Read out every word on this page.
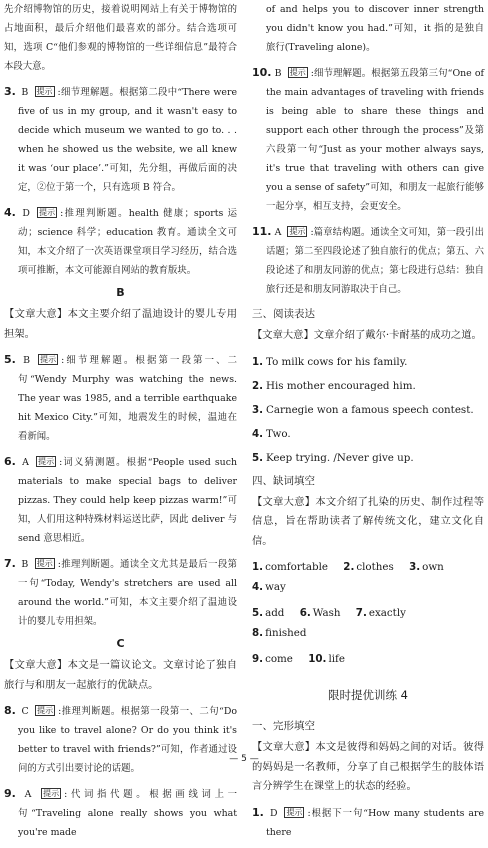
先介绍博物馆的历史，接着说明网站上有关于博物馆的占地面积，最后介绍他们最喜欢的部分。结合选项可知，选项 C“他们参观的博物馆的一些详细信息”最符合本段大意。

3. B 提示 :细节理解题。根据第二段中“There were five of us in my group, and it wasn't easy to decide which museum we wanted to go to. . . when he showed us the website, we all knew it was ‘our place’.”可知，先分组，再做后面的决定，②位于第一个，只有选项 B 符合。

4. D 提示 :推理判断题。health 健康；sports 运动；science 科学；education 教育。通读全文可知，本文介绍了一次英语课堂项目学习经历，结合选项可推断，本文可能源自网站的教育版块。

B

【文章大意】本文主要介绍了温迪设计的婴儿专用担架。

5. B 提示 :细节理解题。根据第一段第一、二句“Wendy Murphy was watching the news. The year was 1985, and a terrible earthquake hit Mexico City.”可知，地震发生的时候，温迪在看新闻。

6. A 提示 :词义猜测题。根据“People used such materials to make special bags to deliver pizzas. They could help keep pizzas warm!”可知，人们用这种特殊材料运送比萨，因此 deliver 与 send 意思相近。

7. B 提示 :推理判断题。通读全文尤其是最后一段第一句“Today, Wendy's stretchers are used all around the world.”可知，本文主要介绍了温迪设计的婴儿专用担架。

C

【文章大意】本文是一篇议论文。文章讨论了独自旅行与和朋友一起旅行的优缺点。

8. C 提示 :推理判断题。根据第一段第一、二句“Do you like to travel alone? Or do you think it's better to travel with friends?”可知，作者通过设问的方式引出要讨论的话题。

9. A 提示 :代词指代题。根据画线词上一句“Traveling alone really shows you what you're made

of and helps you to discover inner strength you didn't know you had.”可知，it 指的是独自旅行(Traveling alone)。

10. B 提示 :细节理解题。根据第五段第三句“One of the main advantages of traveling with friends is being able to share these things and support each other through the process”及第六段第一句“Just as your mother always says, it's true that traveling with others can give you a sense of safety”可知，和朋友一起旅行能够一起分享，相互支持，会更安全。

11. A 提示 :篇章结构题。通读全文可知，第一段引出话题；第二至四段论述了独自旅行的优点；第五、六段论述了和朋友同游的优点；第七段进行总结：独自旅行还是和朋友同游取决于自己。

三、阅读表达

【文章大意】文章介绍了戴尔·卡耐基的成功之道。

1. To milk cows for his family.
2. His mother encouraged him.
3. Carnegie won a famous speech contest.
4. Two.
5. Keep trying. /Never give up.
四、缺词填空

【文章大意】本文介绍了扎染的历史、制作过程等信息，旨在帮助读者了解传统文化，建立文化自信。

1. comfortable 2. clothes 3. own 4. way
5. add 6. Wash 7. exactly 8. finished
9. come 10. life
限时提优训练 4
一、完形填空

【文章大意】本文是彼得和妈妈之间的对话。彼得的妈妈是一名教师，分享了自己根据学生的肢体语言分辨学生在课堂上的状态的经验。

1. D 提示 :根据下一句“How many students are there

— 5 —
